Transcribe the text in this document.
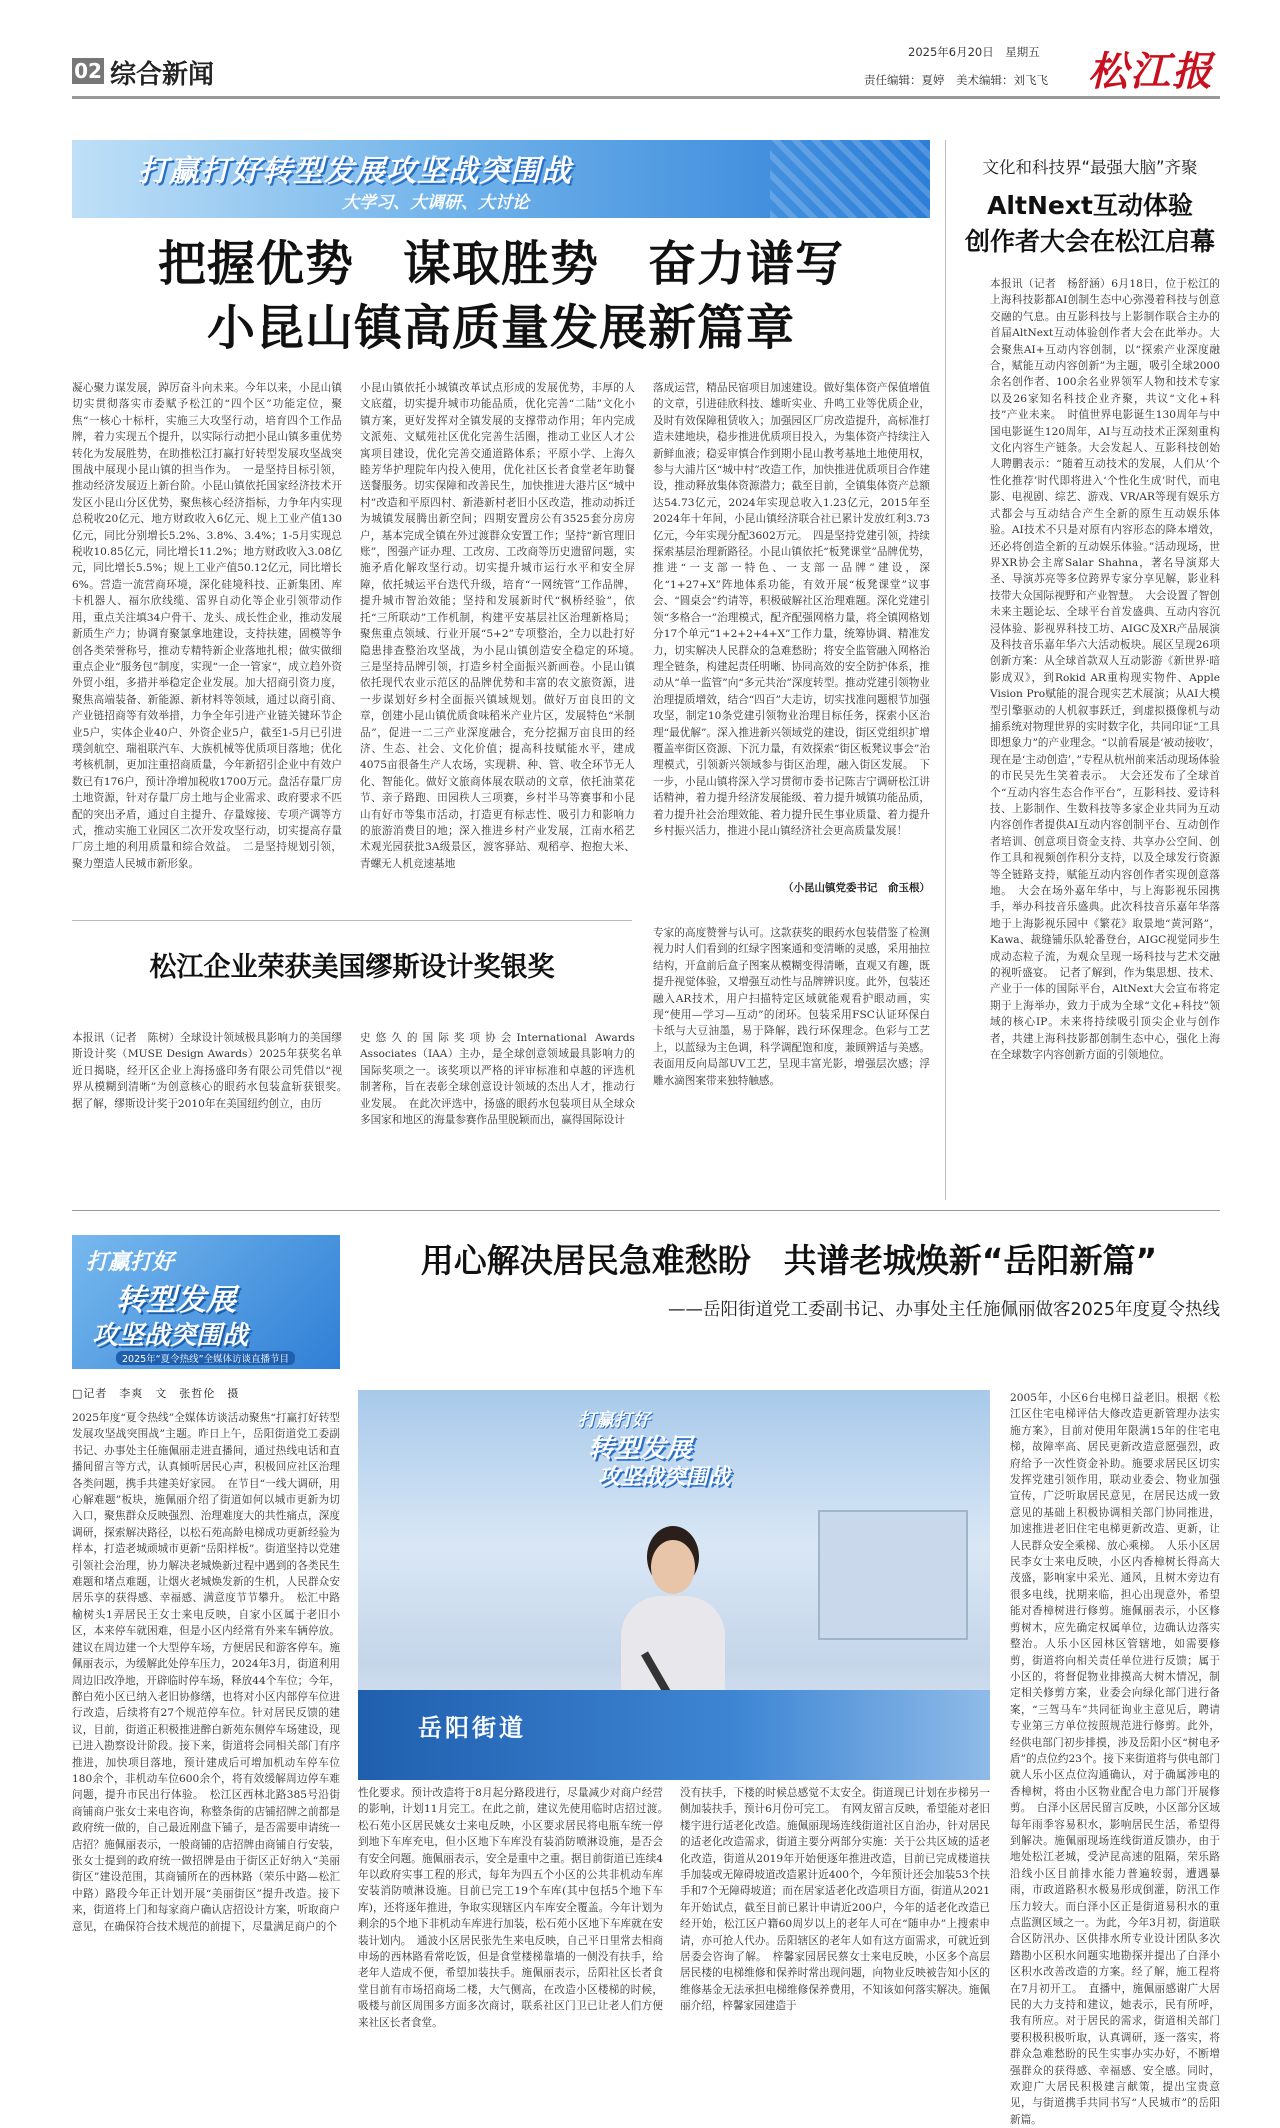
02 综合新闻
2025年6月20日　星期五
责任编辑：夏婷　美术编辑：刘飞飞 松江报
打赢打好转型发展攻坚战突围战
大学习、大调研、大讨论
把握优势　谋取胜势　奋力谱写
小昆山镇高质量发展新篇章
凝心聚力谋发展，踔厉奋斗向未来。今年以来，小昆山镇切实贯彻落实市委赋予松江的“四个区”功能定位，聚焦“一核心十标杆，实施三大攻坚行动，培育四个工作品牌，着力实现五个提升，以实际行动把小昆山镇多重优势转化为发展胜势，在助推松江打赢打好转型发展攻坚战突围战中展现小昆山镇的担当作为。　一是坚持目标引领，推动经济发展迈上新台阶。小昆山镇依托国家经济技术开发区小昆山分区优势，聚焦核心经济指标，力争年内实现总税收20亿元、地方财政收入6亿元、规上工业产值130亿元，同比分别增长5.2%、3.8%、3.4%；1-5月实现总税收10.85亿元，同比增长11.2%；地方财政收入3.08亿元，同比增长5.5%；规上工业产值50.12亿元，同比增长6%。营造一流营商环境，深化硅境科技、正新集团、库卡机器人、福尔欣线缆、雷界自动化等企业引领带动作用，重点关注填34户骨干、龙头、成长性企业，推动发展新质生产力；协调育聚氯拿地建设，支持扶建，固模等争创各类荣誉称号，推动专精特新企业落地扎根；做实做细重点企业“服务包”制度，实现“一企一管家”，成立趋外资外贸小组，多措并举稳定企业发展。加大招商引资力度，聚焦高端装备、新能源、新材料等领域，通过以商引商、产业链招商等有效举措，力争全年引进产业链关键环节企业5户，实体企业40户、外资企业5户，截至1-5月已引进璞剑航空、瑞祖联汽车、大族机械等优质项目落地；优化考核机制，更加注重招商质量，今年新招引企业中有效户数已有176户，预计净增加税收1700万元。盘活存量厂房土地资源，针对存量厂房土地与企业需求、政府要求不匹配的突出矛盾，通过自主提升、存量嫁接、专项产调等方式，推动实施工业园区二次开发攻坚行动，切实提高存量厂房土地的利用质量和综合效益。　二是坚持规划引领，聚力塑造人民城市新形象。
小昆山镇依托小城镇改革试点形成的发展优势，丰厚的人文底蕴，切实提升城市功能品质，优化完善“二陆”文化小镇方案，更好发挥对全镇发展的支撑带动作用；年内完成文派苑、文赋苑社区优化完善生活圈，推动工业区人才公寓项目建设，优化完善交通道路体系；平原小学、上海久睦芳华护理院年内投入使用，优化社区长者食堂老年助餐送餐服务。切实保障和改善民生，加快推进大港片区“城中村”改造和平原四村、新港新村老旧小区改造，推动动拆迁为城镇发展腾出新空间；四期安置房公有3525套分房房户，基本完成全镇在外过渡群众安置工作；坚持“新官理旧账”，图强产证办理、工改房、工改商等历史遗留问题，实施矛盾化解攻坚行动。切实提升城市运行水平和安全屏障，依托城运平台迭代升级，培育“一网统管”工作品牌，提升城市智治效能；坚持和发展新时代“枫桥经验”，依托“三所联动”工作机制，构建平安基层社区治理新格局；聚焦重点领域、行业开展“5+2”专项整治，全力以赴打好隐患排查整治攻坚战，为小昆山镇创造安全稳定的环境。　三是坚持品牌引领，打造乡村全面振兴新画卷。小昆山镇依托现代农业示范区的品牌优势和丰富的农文旅资源，进一步谋划好乡村全面振兴镇域规划。做好万亩良田的文章，创建小昆山镇优质食味稻米产业片区，发展特色“米制品”，促进一二三产业深度融合，充分挖掘万亩良田的经济、生态、社会、文化价值；提高科技赋能水平，建成4075亩很备生产人农场，实现耕、种、管、收全环节无人化、智能化。做好文旅商体展农联动的文章，依托油菜花节、亲子路跑、田园秩人三项赛，乡村半马等赛事和小昆山有好市等集市活动，打造更有标志性、吸引力和影响力的旅游消费目的地；深入推进乡村产业发展，江南水稻艺术观光园获批3A级景区，渡客驿站、观稻亭、抱抱大米、青螺无人机竞速基地
落成运营，精品民宿项目加速建设。做好集体资产保值增值的文章，引进硅欣科技、雄昕实业、升鸣工业等优质企业，及时有效保障租赁收入；加强园区厂房改造提升，高标准打造未建地块，稳步推进优质项目投入，为集体资产持续注入新鲜血液；稳妥审慎合作到期小昆山教考基地土地使用权，参与大浦片区“城中村”改造工作，加快推进优质项目合作建设，推动释放集体资源潜力；截至目前，全镇集体资产总额达54.73亿元，2024年实现总收入1.23亿元，2015年至2024年十年间，小昆山镇经济联合社已累计发放红利3.73亿元，今年实现分配3602万元。　四是坚持党建引领，持续探索基层治理新路径。小昆山镇依托“板凳课堂”品牌优势，推进“一支部一特色、一支部一品牌”建设，深化“1+27+X”阵地体系功能，有效开展“板凳课堂”议事会、“圆桌会”约请等，积极破解社区治理难题。深化党建引领“多格合一”治理模式，配齐配强网格力量，将全镇网格划分17个单元“1+2+2+4+X”工作力量，统筹协调、精准发力，切实解决人民群众的急难愁盼；将安全监管融入网格治理全链条，构建起责任明晰、协同高效的安全防护体系，推动从“单一监管”向“多元共治”深度转型。推动党建引领物业治理提质增效，结合“四百”大走访，切实找准问题根节加强攻坚，制定10条党建引领物业治理目标任务，探索小区治理“最优解”。深入推进新兴领域党的建设，街区党组织扩增覆盖率街区资源、下沉力量，有效探索“街区板凳议事会”治理模式，引领新兴领域参与街区治理，融入街区发展。　下一步，小昆山镇将深入学习贯彻市委书记陈吉宁调研松江讲话精神，着力提升经济发展能级、着力提升城镇功能品质，着力提升社会治理效能、着力提升民生事业质量、着力提升乡村振兴活力，推进小昆山镇经济社会更高质量发展！
（小昆山镇党委书记　俞玉根）
松江企业荣获美国缪斯设计奖银奖
本报讯（记者　陈树）全球设计领域极具影响力的美国缪斯设计奖（MUSE Design Awards）2025年获奖名单近日揭晓，经开区企业上海扬盛印务有限公司凭借以“视界从模糊到清晰”为创意核心的眼药水包装盒斩获银奖。　据了解，缪斯设计奖于2010年在美国纽约创立，由历
史悠久的国际奖项协会International Awards Associates（IAA）主办，是全球创意领域最具影响力的国际奖项之一。该奖项以严格的评审标准和卓越的评选机制著称，旨在表彰全球创意设计领域的杰出人才，推动行业发展。　在此次评选中，扬盛的眼药水包装项目从全球众多国家和地区的海量参赛作品里脱颖而出，赢得国际设计
专家的高度赞誉与认可。这款获奖的眼药水包装借鉴了检测视力时人们看到的红绿字图案通和变清晰的灵感，采用抽拉结构，开盒前后盒子图案从模糊变得清晰，直观又有趣，既提升视觉体验，又增强互动性与品牌辨识度。此外，包装还融入AR技术，用户扫描特定区域就能观看护眼动画，实现“使用—学习—互动”的闭环。包装采用FSC认证环保白卡纸与大豆油墨，易于降解，践行环保理念。色彩与工艺上，以蓝绿为主色调，科学调配饱和度，兼顾辨适与美感。表面用反向局部UV工艺，呈现丰富光影，增强层次感；浮雕水滴图案带来独特触感。
文化和科技界“最强大脑”齐聚
AltNext互动体验
创作者大会在松江启幕
本报讯（记者　杨舒涵）6月18日，位于松江的上海科技影都AI创制生态中心弥漫着科技与创意交融的气息。由互影科技与上影制作联合主办的首届AltNext互动体验创作者大会在此举办。大会聚焦AI+互动内容创制，以“探索产业深度融合，赋能互动内容创新”为主题，吸引全球2000余名创作者、100余名业界领军人物和技术专家以及26家知名科技企业齐聚，共议“文化+科技”产业未来。　时值世界电影诞生130周年与中国电影诞生120周年，AI与互动技术正深刻重构文化内容生产链条。大会发起人、互影科技创始人聘鹏表示：“随着互动技术的发展，人们从‘个性化推荐’时代即将进入‘个性化生成’时代，而电影、电视剧、综艺、游戏、VR/AR等现有娱乐方式都会与互动结合产生全新的原生互动娱乐体验。AI技术不只是对原有内容形态的降本增效，还必将创造全新的互动娱乐体验。”活动现场，世界XR协会主席Salar Shahna，著名导演郑大圣、导演苏亮等多位跨界专家分享见解，影业科技带大众国际视野和产业智慧。　大会设置了智创未来主题论坛、全球平台首发盛典、互动内容沉浸体验、影视界科技工坊、AIGC及XR产品展演及科技音乐嘉年华六大活动板块。展区呈现26项创新方案：从全球首款双人互动影游《新世界·暗影成双》，到Rokid AR重构现实物件、Apple Vision Pro赋能的混合现实艺术展演；从AI大模型引擎驱动的人机叙事跃迁，到虚拟摄像机与动捕系统对物理世界的实时数字化，共同印证“工具即想象力”的产业理念。“以前看展是‘被动接收’，现在是‘主动创造’，”专程从杭州前来活动现场体验的市民吴先生笑着表示。　大会还发布了全球首个“互动内容生态合作平台”，互影科技、爱诗科技、上影制作、生数科技等多家企业共同为互动内容创作者提供AI互动内容创制平台、互动创作者培训、创意项目资金支持、共享办公空间、创作工具和视频创作积分支持，以及全球发行资源等全链路支持，赋能互动内容创作者实现创意落地。　大会在场外嘉年华中，与上海影视乐园携手，举办科技音乐盛典。此次科技音乐嘉年华落地于上海影视乐园中《繁花》取景地“黄河路”，Kawa、裁缝铺乐队轮番登台，AIGC视觉同步生成动态粒子流，为观众呈现一场科技与艺术交融的视听盛宴。　记者了解到，作为集思想、技术、产业于一体的国际平台，AltNext大会宣布将定期于上海举办，致力于成为全球“文化+科技”领域的核心IP。未来将持续吸引顶尖企业与创作者，共建上海科技影都创制生态中心，强化上海在全球数字内容创新方面的引领地位。
打赢打好
转型发展
攻坚战突围战
2025年“夏令热线”全媒体访谈直播节目
用心解决居民急难愁盼　共谱老城焕新“岳阳新篇”
——岳阳街道党工委副书记、办事处主任施佩丽做客2025年度夏令热线
□记者　李爽　文　张哲伦　摄
2025年度“夏令热线”全媒体访谈活动聚焦“打赢打好转型发展攻坚战突围战”主题。昨日上午，岳阳街道党工委副书记、办事处主任施佩丽走进直播间，通过热线电话和直播间留言等方式，认真倾听居民心声，积极回应社区治理各类问题，携手共建美好家园。　在节目“一线大调研，用心解难题”板块，施佩丽介绍了街道如何以城市更新为切入口，聚焦群众反映强烈、治理难度大的共性痛点，深度调研，探索解决路径，以松石苑高龄电梯成功更新经验为样本，打造老城顽城市更新“岳阳样板”。街道坚持以党建引领社会治理，协力解决老城焕新过程中遇到的各类民生难题和堵点难题，让烟火老城焕发新的生机，人民群众安居乐享的获得感、幸福感、满意度节节攀升。　松汇中路榆树头1弄居民王女士来电反映，自家小区属于老旧小区，本来停车就困难，但是小区内经常有外来车辆停放。建议在周边建一个大型停车场，方便居民和游客停车。施佩丽表示，为缓解此处停车压力，2024年3月，街道利用周边旧改净地，开辟临时停车场，释放44个车位；今年，醉白苑小区已纳入老旧协修缮，也将对小区内部停车位进行改造，后续将有27个规范停车位。针对居民反馈的建议，目前，街道正积极推进醉白新苑东侧停车场建设，现已进入勘察设计阶段。接下来，街道将会同相关部门有序推进，加快项目落地，预计建成后可增加机动车停车位180余个，非机动车位600余个，将有效缓解周边停车难问题，提升市民出行体验。　松江区西林北路385号沿街商铺商户张女士来电咨询，称整条街的店铺招牌之前都是政府统一做的，自己最近刚盘下铺子，是否需要申请统一店招？施佩丽表示，一般商铺的店招牌由商铺自行安装，张女士提到的政府统一做招牌是由于街区正好纳入“美丽街区”建设范围，其商铺所在的西林路（荣乐中路—松汇中路）路段今年正计划开展“美丽街区”提升改造。接下来，街道将上门和每家商户确认店招设计方案，听取商户意见，在确保符合技术规范的前提下，尽量满足商户的个
打赢打好
转型发展
攻坚战突围战
岳阳街道
2005年，小区6台电梯日益老旧。根据《松江区住宅电梯评估大修改造更新管理办法实施方案》，目前对使用年限满15年的住宅电梯，故障率高、居民更新改造意愿强烈，政府给予一次性资金补助。施要求居民区切实发挥党建引领作用，联动业委会、物业加强宣传，广泛听取居民意见，在居民达成一致意见的基础上积极协调相关部门协同推进，加速推进老旧住宅电梯更新改造、更新，让人民群众安全乘梯、放心乘梯。　人乐小区居民李女士来电反映，小区内香樟树长得高大茂盛，影响家中采光、通风，且树木旁边有很多电线，扰期来临，担心出现意外，希望能对香樟树进行修剪。施佩丽表示，小区修剪树木，应先确定权属单位，边确认边落实整治。人乐小区园林区管辖地，如需要修剪，街道将向相关责任单位进行反馈；属于小区的，将督促物业排摸高大树木情况，制定相关修剪方案，业委会向绿化部门进行备案，“三驾马车”共同征询业主意见后，聘请专业第三方单位按照规范进行修剪。此外，经供电部门初步排摸，涉及岳阳小区“树电矛盾”的点位约23个。接下来街道将与供电部门就人乐小区点位沟通确认，对于确属涉电的香樟树，将由小区物业配合电力部门开展修剪。　白泽小区居民留言反映，小区部分区域每年雨季容易积水，影响居民生活，希望得到解决。施佩丽现场连线街道反馈办，由于地处松江老城，受泸昆高速的阻隔，荣乐路沿线小区目前排水能力普遍较弱，遭遇暴雨，市政道路积水极易形成倒灌，防汛工作压力较大。而白泽小区正是街道易积水的重点监测区域之一。为此，今年3月初，街道联合区防汛办、区供排水所专业设计团队多次踏勘小区积水问题实地勘探并提出了白泽小区积水改善改造的方案。经了解，施工程将在7月初开工。　直播中，施佩丽感谢广大居民的大力支持和建议，她表示，民有所呼，我有所应。对于居民的需求，街道相关部门要积极积极听取，认真调研，逐一落实，将群众急难愁盼的民生实事办实办好，不断增强群众的获得感、幸福感、安全感。同时，欢迎广大居民积极建言献策，提出宝贵意见，与街道携手共同书写“人民城市”的岳阳新篇。
性化要求。预计改造将于8月起分路段进行，尽量减少对商户经营的影响，计划11月完工。在此之前，建议先使用临时店招过渡。　松石苑小区居民姚女士来电反映，小区要求居民将电瓶车统一停到地下车库充电，但小区地下车库没有装消防喷淋设施，是否会有安全问题。施佩丽表示，安全是重中之重。据目前街道已连续4年以政府实事工程的形式，每年为四五个小区的公共非机动车库安装消防喷淋设施。目前已完工19个车库(其中包括5个地下车库)，还将逐年推进，争取实现辖区内车库安全覆盖。今年计划为剩余的5个地下非机动车库进行加装，松石苑小区地下车库就在安装计划内。　通波小区居民张先生来电反映，自己平日里常去相商申场的西林路看常吃饭，但是食堂楼梯靠墙的一侧没有扶手，给老年人造成不便，希望加装扶手。施佩丽表示，岳阳社区长者食堂目前有市场招商场二楼，大气侧高，在改造小区楼梯的时候，吸楼与前区周围多方面多次商讨，联系社区门卫已让老人们方便来社区长者食堂。
没有扶手，下楼的时候总感觉不太安全。街道现已计划在步梯另一侧加装扶手，预计6月份可完工。　有网友留言反映，希望能对老旧楼宇进行适老化改造。施佩丽现场连线街道社区自治办，针对居民的适老化改造需求，街道主要分两部分实施：关于公共区域的适老化改造，街道从2019年开始便逐年推进改造，目前已完成楼道扶手加装或无障碍坡道改造累计近400个，今年预计还会加装53个扶手和7个无障碍坡道；而在居家适老化改造项目方面，街道从2021年开始试点，截至目前已累计申请近200户，今年的适老化改造已经开始，松江区户籍60周岁以上的老年人可在“随申办”上搜索申请，亦可抢人代办。岳阳辖区的老年人如有这方面需求，可就近到居委会咨询了解。　梓馨家园居民蔡女士来电反映，小区多个高层居民楼的电梯维修和保养时常出现问题，向物业反映被告知小区的维修基金无法承担电梯维修保养费用，不知该如何落实解决。施佩丽介绍，梓馨家园建造于
